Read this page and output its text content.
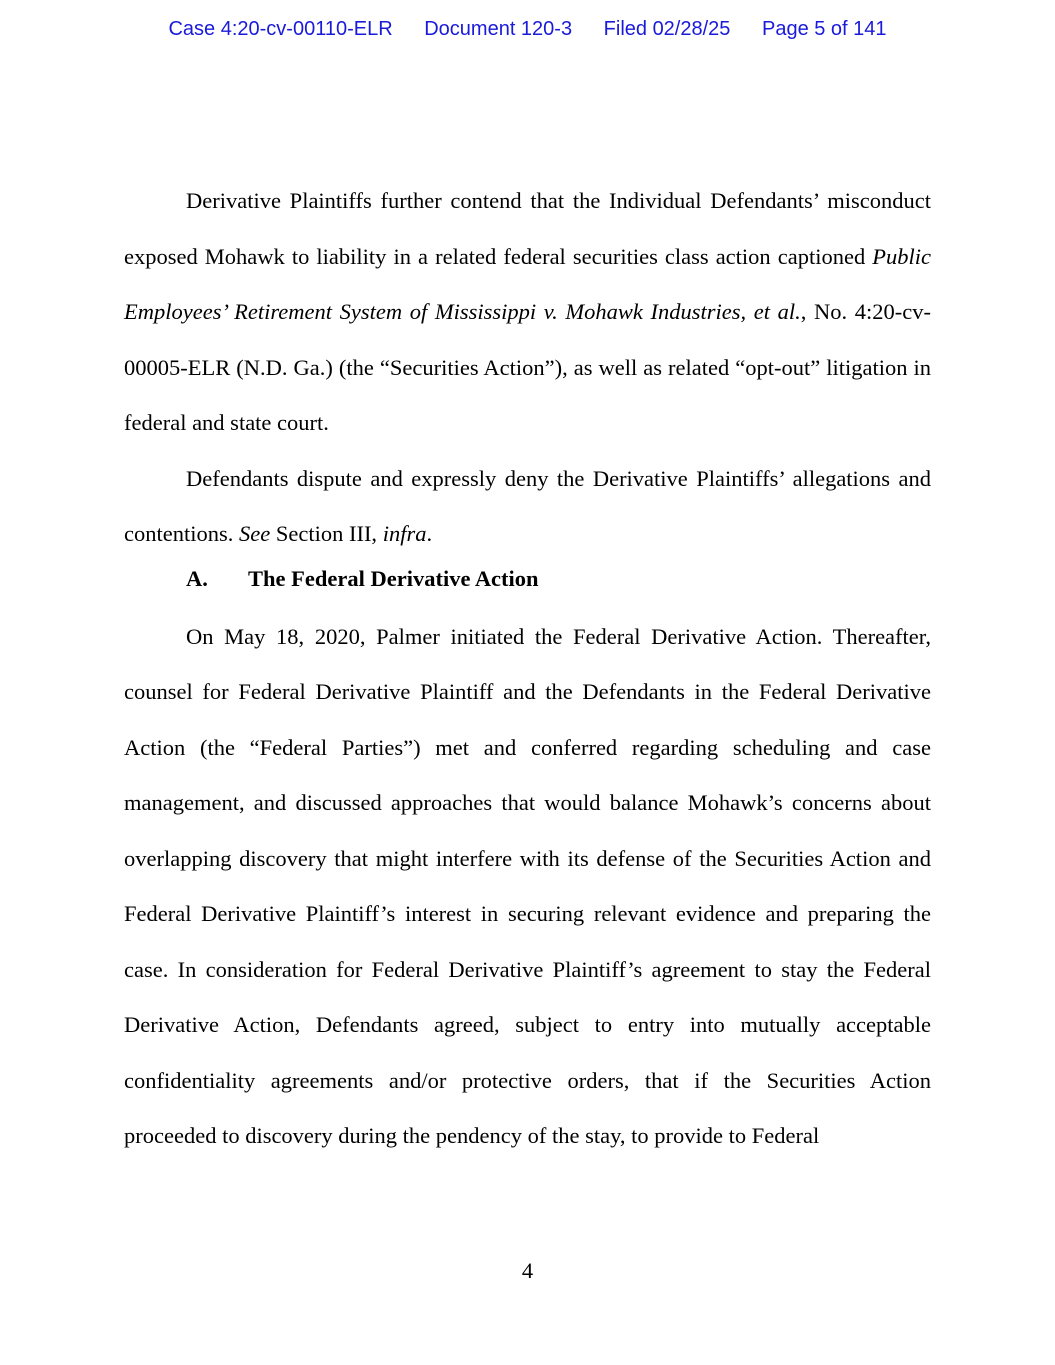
Case 4:20-cv-00110-ELR Document 120-3 Filed 02/28/25 Page 5 of 141

Derivative Plaintiffs further contend that the Individual Defendants’ misconduct exposed Mohawk to liability in a related federal securities class action captioned Public Employees’ Retirement System of Mississippi v. Mohawk Industries, et al., No. 4:20-cv-00005-ELR (N.D. Ga.) (the “Securities Action”), as well as related “opt-out” litigation in federal and state court.

Defendants dispute and expressly deny the Derivative Plaintiffs’ allegations and contentions. See Section III, infra.

A. The Federal Derivative Action

On May 18, 2020, Palmer initiated the Federal Derivative Action. Thereafter, counsel for Federal Derivative Plaintiff and the Defendants in the Federal Derivative Action (the “Federal Parties”) met and conferred regarding scheduling and case management, and discussed approaches that would balance Mohawk’s concerns about overlapping discovery that might interfere with its defense of the Securities Action and Federal Derivative Plaintiff’s interest in securing relevant evidence and preparing the case. In consideration for Federal Derivative Plaintiff’s agreement to stay the Federal Derivative Action, Defendants agreed, subject to entry into mutually acceptable confidentiality agreements and/or protective orders, that if the Securities Action proceeded to discovery during the pendency of the stay, to provide to Federal

4
